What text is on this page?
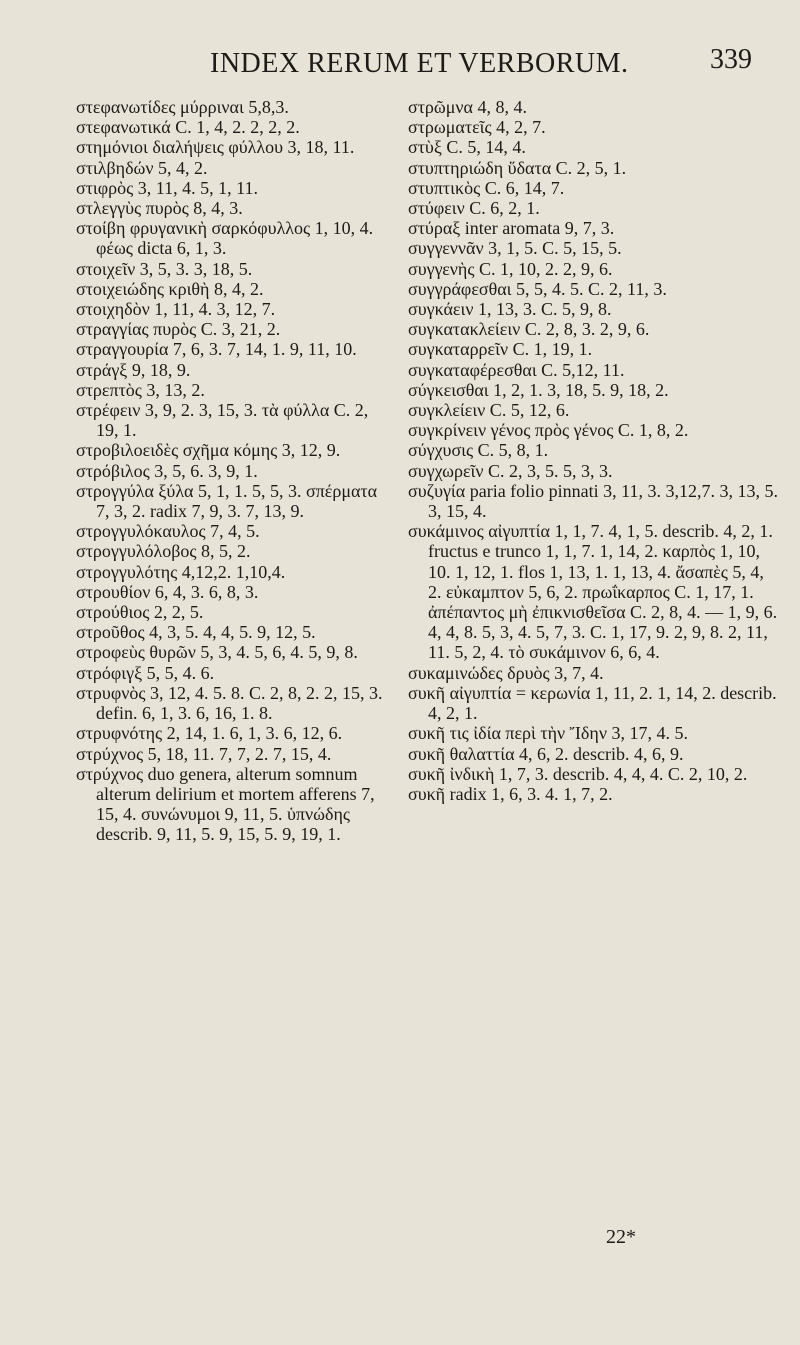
INDEX RERUM ET VERBORUM.	339

στεφανωτίδες μύρριναι 5,8,3.

στεφανωτικά C. 1, 4, 2. 2, 2, 2.

στημόνιοι διαλήψεις φύλλου 3, 18, 11.

στιλβηδών 5, 4, 2.

στιφρὸς 3, 11, 4. 5, 1, 11.

στλεγγὺς πυρὸς 8, 4, 3.

στοίβη φρυγανικὴ σαρκόφυλλος 1, 10, 4. φέως dicta 6, 1, 3.

στοιχεῖν 3, 5, 3. 3, 18, 5.

στοιχειώδης κριθὴ 8, 4, 2.

στοιχηδὸν 1, 11, 4. 3, 12, 7.

στραγγίας πυρὸς C. 3, 21, 2.

στραγγουρία 7, 6, 3. 7, 14, 1. 9, 11, 10.

στράγξ 9, 18, 9.

στρεπτὸς 3, 13, 2.

στρέφειν 3, 9, 2. 3, 15, 3. τὰ φύλλα C. 2, 19, 1.

στροβιλοειδὲς σχῆμα κόμης 3, 12, 9.

στρόβιλος 3, 5, 6. 3, 9, 1.

στρογγύλα ξύλα 5, 1, 1. 5, 5, 3. σπέρματα 7, 3, 2. radix 7, 9, 3. 7, 13, 9.

στρογγυλόκαυλος 7, 4, 5.

στρογγυλόλοβος 8, 5, 2.

στρογγυλότης 4,12,2. 1,10,4.

στρουθίον 6, 4, 3. 6, 8, 3.

στρούθιος 2, 2, 5.

στροῦθος 4, 3, 5. 4, 4, 5. 9, 12, 5.

στροφεὺς θυρῶν 5, 3, 4. 5, 6, 4. 5, 9, 8.

στρόφιγξ 5, 5, 4. 6.

στρυφνὸς 3, 12, 4. 5. 8. C. 2, 8, 2. 2, 15, 3. defin. 6, 1, 3. 6, 16, 1. 8.

στρυφνότης 2, 14, 1. 6, 1, 3. 6, 12, 6.

στρύχνος 5, 18, 11. 7, 7, 2. 7, 15, 4.

στρύχνος duo genera, alterum somnum alterum delirium et mortem afferens 7, 15, 4. συνώνυμοι 9, 11, 5. ὑπνώδης describ. 9, 11, 5. 9, 15, 5. 9, 19, 1.

στρῶμνα 4, 8, 4.

στρωματεῖς 4, 2, 7.

στὺξ C. 5, 14, 4.

στυπτηριώδη ὕδατα C. 2, 5, 1.

στυπτικὸς C. 6, 14, 7.

στύφειν C. 6, 2, 1.

στύραξ inter aromata 9, 7, 3.

συγγεννᾶν 3, 1, 5. C. 5, 15, 5.

συγγενὴς C. 1, 10, 2. 2, 9, 6.

συγγράφεσθαι 5, 5, 4. 5. C. 2, 11, 3.

συγκάειν 1, 13, 3. C. 5, 9, 8.

συγκατακλείειν C. 2, 8, 3. 2, 9, 6.

συγκαταρρεῖν C. 1, 19, 1.

συγκαταφέρεσθαι C. 5,12, 11.

σύγκεισθαι 1, 2, 1. 3, 18, 5. 9, 18, 2.

συγκλείειν C. 5, 12, 6.

συγκρίνειν γένος πρὸς γένος C. 1, 8, 2.

σύγχυσις C. 5, 8, 1.

συγχωρεῖν C. 2, 3, 5. 5, 3, 3.

συζυγία paria folio pinnati 3, 11, 3. 3,12,7. 3, 13, 5. 3, 15, 4.

συκάμινος αἰγυπτία 1, 1, 7. 4, 1, 5. describ. 4, 2, 1. fructus e trunco 1, 1, 7. 1, 14, 2. καρπὸς 1, 10, 10. 1, 12, 1. flos 1, 13, 1. 1, 13, 4. ἄσαπὲς 5, 4, 2. εὐκαμπτον 5, 6, 2. πρωΐκαρπος C. 1, 17, 1. ἀπέπαντος μὴ ἐπικνισθεῖσα C. 2, 8, 4. — 1, 9, 6. 4, 4, 8. 5, 3, 4. 5, 7, 3. C. 1, 17, 9. 2, 9, 8. 2, 11, 11. 5, 2, 4. τὸ συκάμινον 6, 6, 4.

συκαμινώδες δρυὸς 3, 7, 4.

συκῆ αἰγυπτία = κερωνία 1, 11, 2. 1, 14, 2. describ. 4, 2, 1.

συκῆ τις ἰδία περὶ τὴν Ἴδην 3, 17, 4. 5.

συκῆ θαλαττία 4, 6, 2. describ. 4, 6, 9.

συκῆ ἰνδικὴ 1, 7, 3. describ. 4, 4, 4. C. 2, 10, 2.

συκῆ radix 1, 6, 3. 4. 1, 7, 2.

22*
